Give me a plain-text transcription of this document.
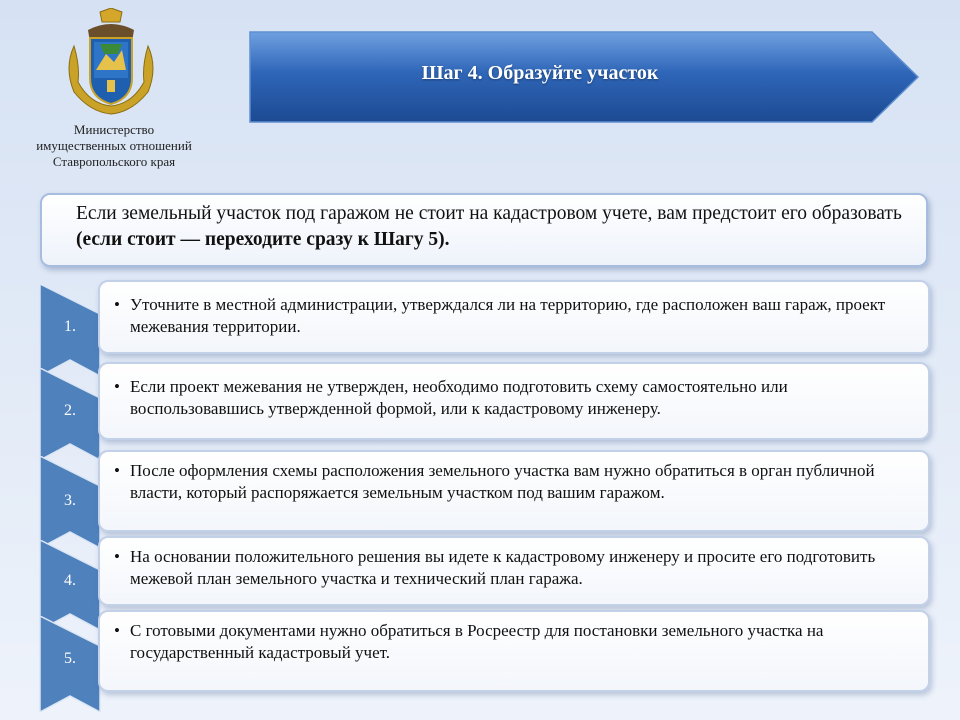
Министерство
имущественных отношений
Ставропольского края
Шаг 4. Образуйте участок
Если земельный участок под гаражом не стоит на кадастровом учете, вам предстоит его образовать (если стоит — переходите сразу к Шагу 5).
1.
• Уточните в местной администрации, утверждался ли на территорию, где расположен ваш гараж, проект межевания территории.
2.
• Если проект межевания не утвержден, необходимо подготовить схему самостоятельно или воспользовавшись утвержденной формой, или к кадастровому инженеру.
3.
• После оформления схемы расположения земельного участка вам нужно обратиться в орган публичной власти, который распоряжается земельным участком под вашим гаражом.
4.
• На основании положительного решения вы идете к кадастровому инженеру и просите его подготовить межевой план земельного участка и технический план гаража.
5.
• С готовыми документами нужно обратиться в Росреестр для постановки земельного участка на государственный кадастровый учет.
